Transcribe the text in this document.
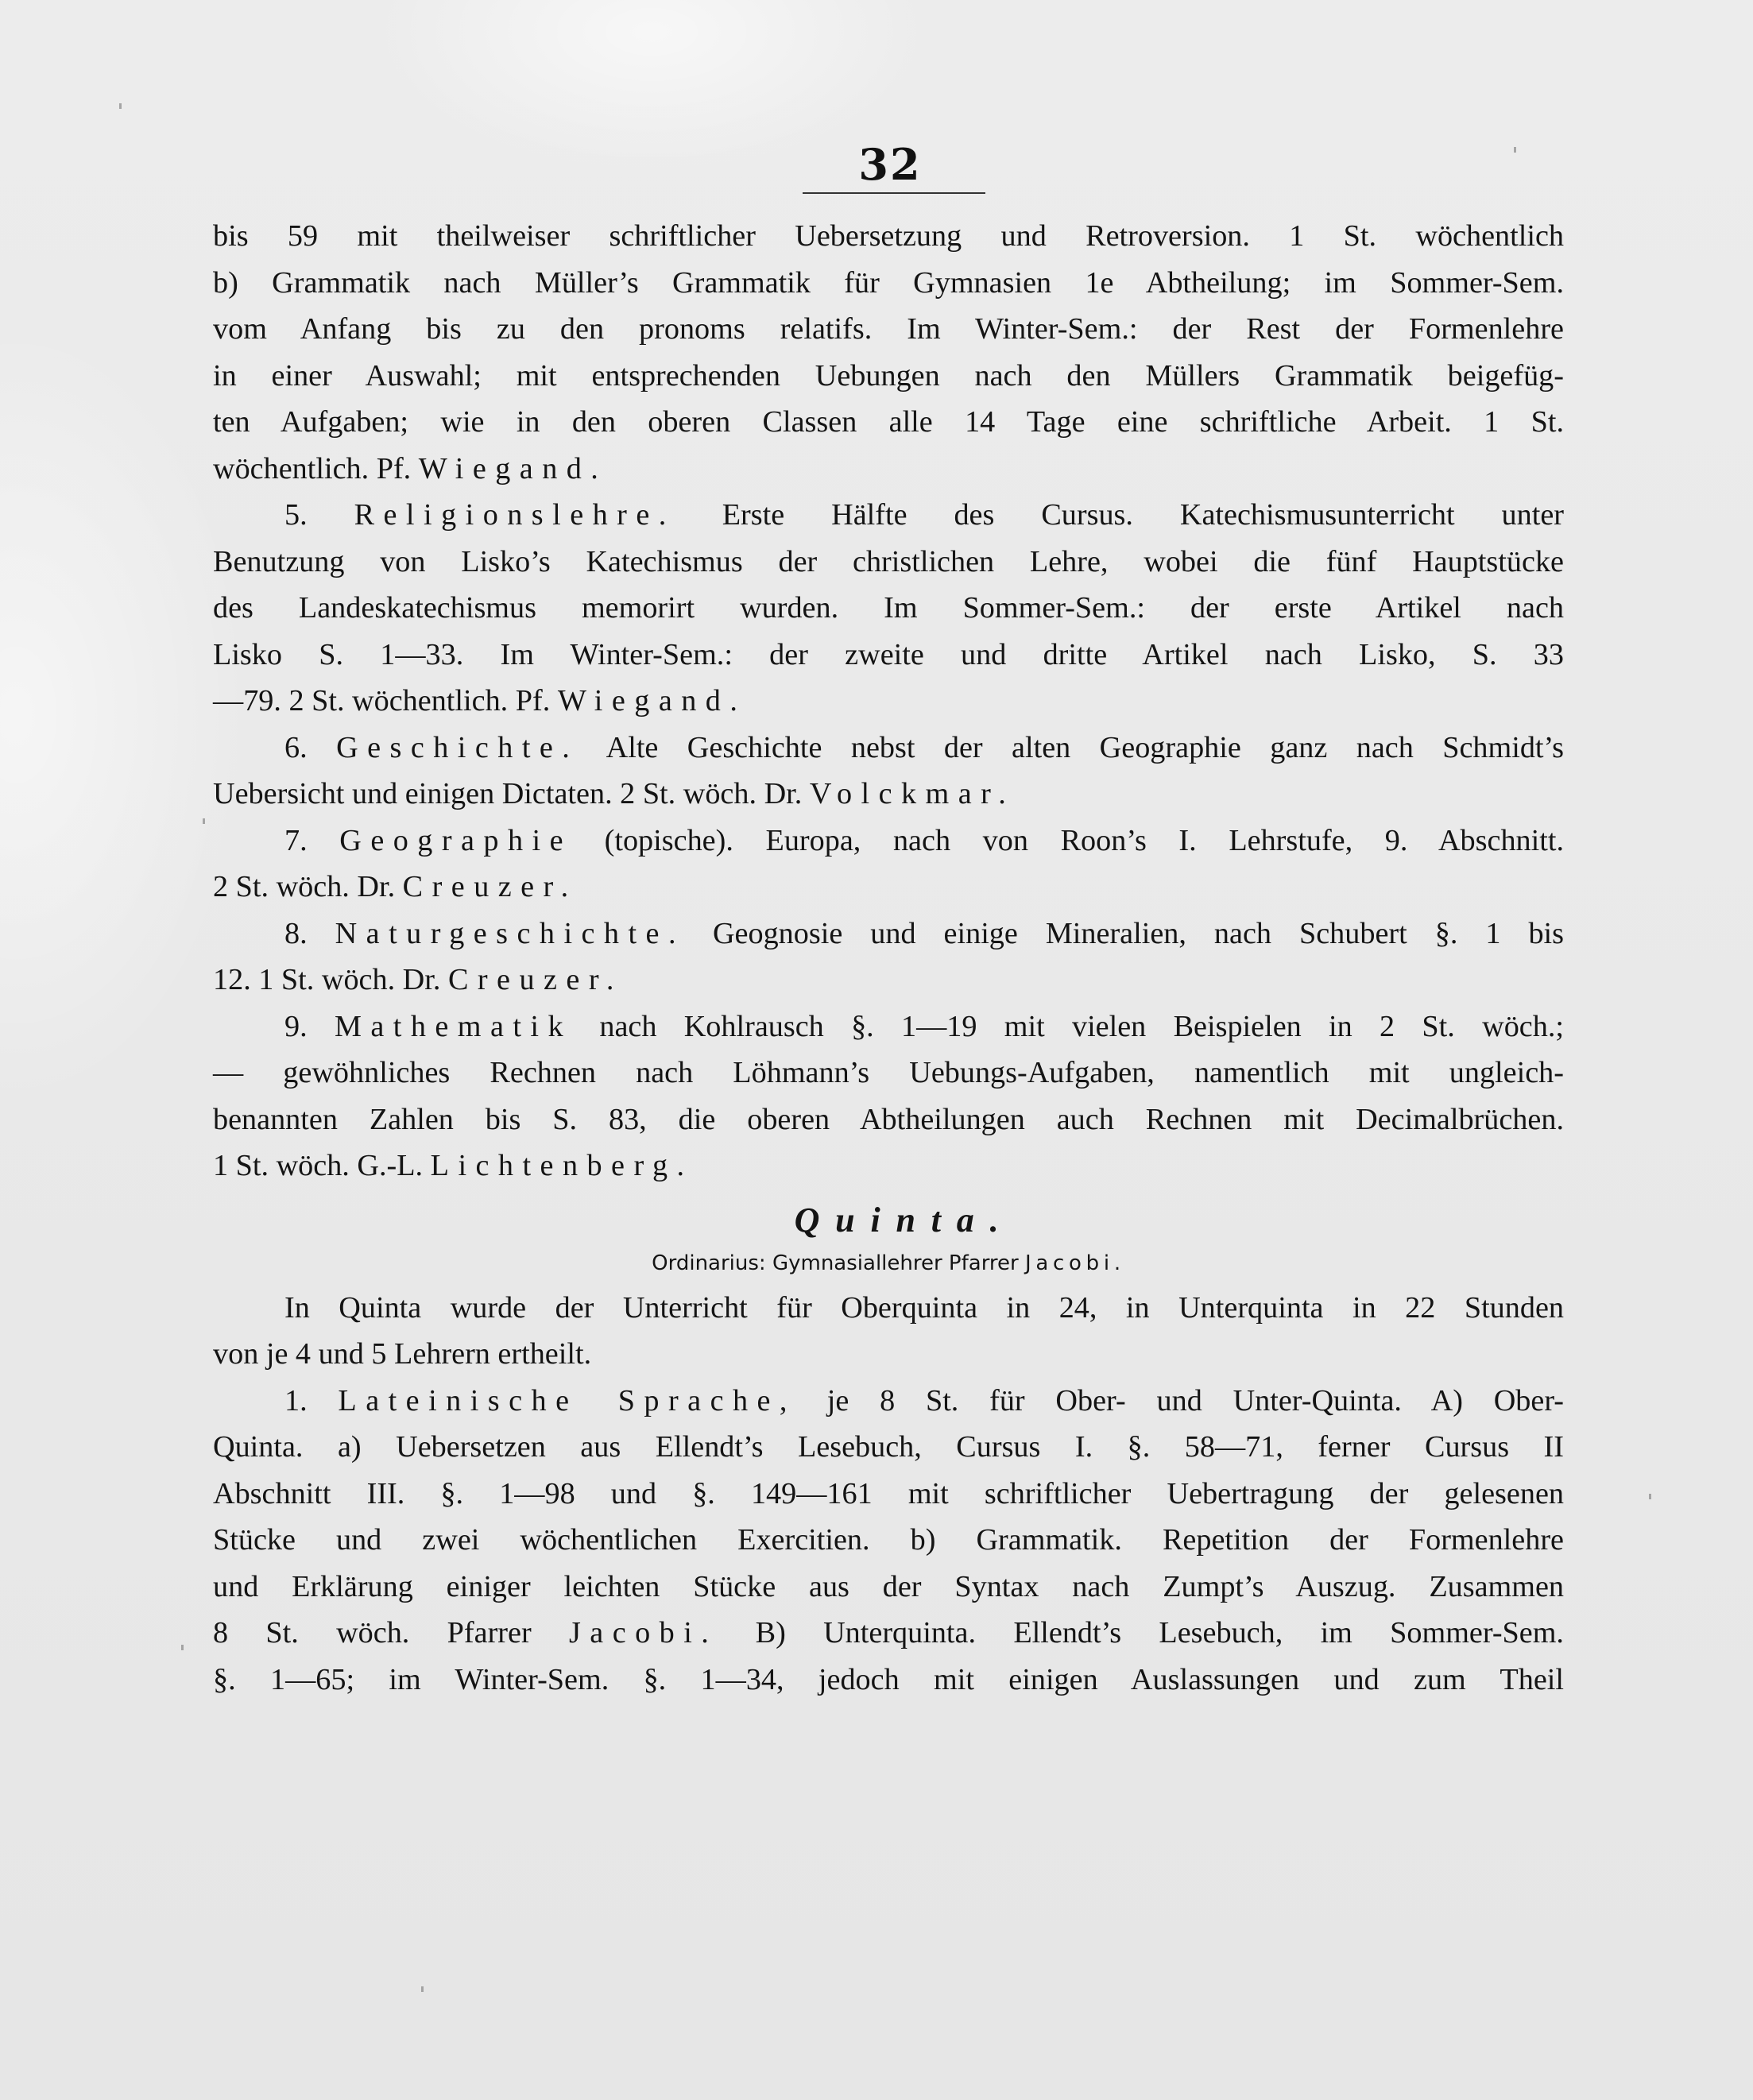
32
bis 59 mit theilweiser schriftlicher Uebersetzung und Retroversion. 1 St. wöchentlich
b) Grammatik nach Müller’s Grammatik für Gymnasien 1e Abtheilung; im Sommer-Sem.
vom Anfang bis zu den pronoms relatifs. Im Winter-Sem.: der Rest der Formenlehre
in einer Auswahl; mit entsprechenden Uebungen nach den Müllers Grammatik beigefüg-
ten Aufgaben; wie in den oberen Classen alle 14 Tage eine schriftliche Arbeit. 1 St.
wöchentlich. Pf. Wiegand.
5. Religionslehre. Erste Hälfte des Cursus. Katechismusunterricht unter
Benutzung von Lisko’s Katechismus der christlichen Lehre, wobei die fünf Hauptstücke
des Landeskatechismus memorirt wurden. Im Sommer-Sem.: der erste Artikel nach
Lisko S. 1—33. Im Winter-Sem.: der zweite und dritte Artikel nach Lisko, S. 33
—79. 2 St. wöchentlich. Pf. Wiegand.
6. Geschichte. Alte Geschichte nebst der alten Geographie ganz nach Schmidt’s
Uebersicht und einigen Dictaten. 2 St. wöch. Dr. Volckmar.
7. Geographie (topische). Europa, nach von Roon’s I. Lehrstufe, 9. Abschnitt.
2 St. wöch. Dr. Creuzer.
8. Naturgeschichte. Geognosie und einige Mineralien, nach Schubert §. 1 bis
12. 1 St. wöch. Dr. Creuzer.
9. Mathematik nach Kohlrausch §. 1—19 mit vielen Beispielen in 2 St. wöch.;
— gewöhnliches Rechnen nach Löhmann’s Uebungs-Aufgaben, namentlich mit ungleich-
benannten Zahlen bis S. 83, die oberen Abtheilungen auch Rechnen mit Decimalbrüchen.
1 St. wöch. G.-L. Lichtenberg.
Quinta.
Ordinarius: Gymnasiallehrer Pfarrer Jacobi.
In Quinta wurde der Unterricht für Oberquinta in 24, in Unterquinta in 22 Stunden
von je 4 und 5 Lehrern ertheilt.
1. Lateinische Sprache, je 8 St. für Ober- und Unter-Quinta. A) Ober-
Quinta. a) Uebersetzen aus Ellendt’s Lesebuch, Cursus I. §. 58—71, ferner Cursus II
Abschnitt III. §. 1—98 und §. 149—161 mit schriftlicher Uebertragung der gelesenen
Stücke und zwei wöchentlichen Exercitien. b) Grammatik. Repetition der Formenlehre
und Erklärung einiger leichten Stücke aus der Syntax nach Zumpt’s Auszug. Zusammen
8 St. wöch. Pfarrer Jacobi. B) Unterquinta. Ellendt’s Lesebuch, im Sommer-Sem.
§. 1—65; im Winter-Sem. §. 1—34, jedoch mit einigen Auslassungen und zum Theil
